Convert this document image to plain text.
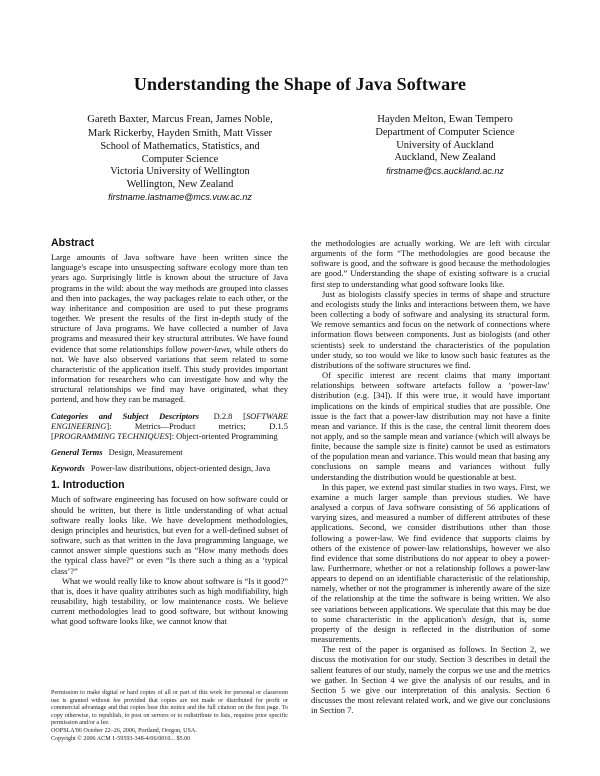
Understanding the Shape of Java Software
Gareth Baxter, Marcus Frean, James Noble,
Mark Rickerby, Hayden Smith, Matt Visser
School of Mathematics, Statistics, and
Computer Science
Victoria University of Wellington
Wellington, New Zealand
firstname.lastname@mcs.vuw.ac.nz
Hayden Melton, Ewan Tempero
Department of Computer Science
University of Auckland
Auckland, New Zealand
firstname@cs.auckland.ac.nz
Abstract

Large amounts of Java software have been written since the language's escape into unsuspecting software ecology more than ten years ago. Surprisingly little is known about the structure of Java programs in the wild: about the way methods are grouped into classes and then into packages, the way packages relate to each other, or the way inheritance and composition are used to put these programs together. We present the results of the first in-depth study of the structure of Java programs. We have collected a number of Java programs and measured their key structural attributes. We have found evidence that some relationships follow power-laws, while others do not. We have also observed variations that seem related to some characteristic of the application itself. This study provides important information for researchers who can investigate how and why the structural relationships we find may have originated, what they portend, and how they can be managed.

Categories and Subject Descriptors D.2.8 [SOFTWARE ENGINEERING]: Metrics—Product metrics; D.1.5 [PROGRAMMING TECHNIQUES]: Object-oriented Programming

General Terms Design, Measurement

Keywords Power-law distributions, object-oriented design, Java

1. Introduction

Much of software engineering has focused on how software could or should be written, but there is little understanding of what actual software really looks like. We have development methodologies, design principles and heuristics, but even for a well-defined subset of software, such as that written in the Java programming language, we cannot answer simple questions such as “How many methods does the typical class have?” or even “Is there such a thing as a ‘typical class’?”

What we would really like to know about software is “Is it good?” that is, does it have quality attributes such as high modifiability, high reusability, high testability, or low maintenance costs. We believe current methodologies lead to good software, but without knowing what good software looks like, we cannot know that

Permission to make digital or hard copies of all or part of this work for personal or classroom use is granted without fee provided that copies are not made or distributed for profit or commercial advantage and that copies bear this notice and the full citation on the first page. To copy otherwise, to republish, to post on servers or to redistribute to lists, requires prior specific permission and/or a fee.

OOPSLA'06 October 22–26, 2006, Portland, Oregon, USA.

Copyright © 2006 ACM 1-59593-348-4/06/0010... $5.00

the methodologies are actually working. We are left with circular arguments of the form “The methodologies are good because the software is good, and the software is good because the methodologies are good.” Understanding the shape of existing software is a crucial first step to understanding what good software looks like.

Just as biologists classify species in terms of shape and structure and ecologists study the links and interactions between them, we have been collecting a body of software and analysing its structural form. We remove semantics and focus on the network of connections where information flows between components. Just as biologists (and other scientists) seek to understand the characteristics of the population under study, so too would we like to know such basic features as the distributions of the software structures we find.

Of specific interest are recent claims that many important relationships between software artefacts follow a ‘power-law’ distribution (e.g. [34]). If this were true, it would have important implications on the kinds of empirical studies that are possible. One issue is the fact that a power-law distribution may not have a finite mean and variance. If this is the case, the central limit theorem does not apply, and so the sample mean and variance (which will always be finite, because the sample size is finite) cannot be used as estimators of the population mean and variance. This would mean that basing any conclusions on sample means and variances without fully understanding the distribution would be questionable at best.

In this paper, we extend past similar studies in two ways. First, we examine a much larger sample than previous studies. We have analysed a corpus of Java software consisting of 56 applications of varying sizes, and measured a number of different attributes of these applications. Second, we consider distributions other than those following a power-law. We find evidence that supports claims by others of the existence of power-law relationships, however we also find evidence that some distributions do not appear to obey a power-law. Furthermore, whether or not a relationship follows a power-law appears to depend on an identifiable characteristic of the relationship, namely, whether or not the programmer is inherently aware of the size of the relationship at the time the software is being written. We also see variations between applications. We speculate that this may be due to some characteristic in the application's design, that is, some property of the design is reflected in the distribution of some measurements.

The rest of the paper is organised as follows. In Section 2, we discuss the motivation for our study. Section 3 describes in detail the salient features of our study, namely the corpus we use and the metrics we gather. In Section 4 we give the analysis of our results, and in Section 5 we give our interpretation of this analysis. Section 6 discusses the most relevant related work, and we give our conclusions in Section 7.
